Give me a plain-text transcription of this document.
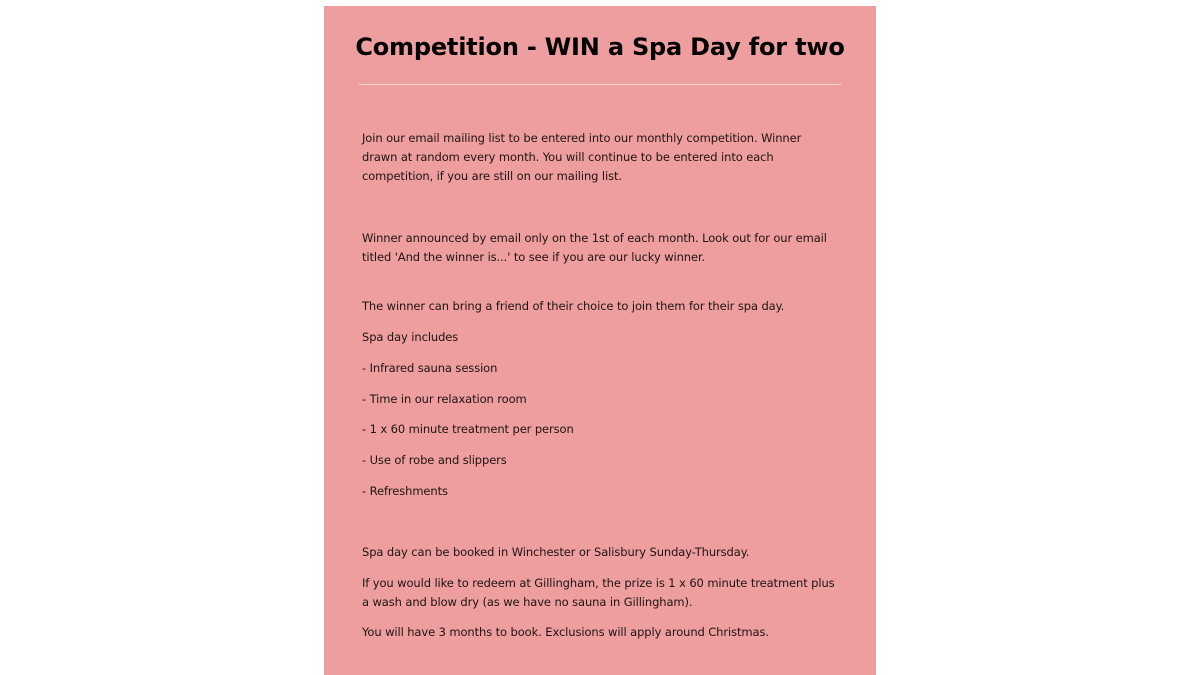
Competition - WIN a Spa Day for two

Join our email mailing list to be entered into our monthly competition. Winner drawn at random every month. You will continue to be entered into each competition, if you are still on our mailing list.

Winner announced by email only on the 1st of each month. Look out for our email titled 'And the winner is...' to see if you are our lucky winner.

The winner can bring a friend of their choice to join them for their spa day.

Spa day includes

- Infrared sauna session

- Time in our relaxation room

- 1 x 60 minute treatment per person

- Use of robe and slippers

- Refreshments

Spa day can be booked in Winchester or Salisbury Sunday-Thursday.

If you would like to redeem at Gillingham, the prize is 1 x 60 minute treatment plus a wash and blow dry (as we have no sauna in Gillingham).

You will have 3 months to book. Exclusions will apply around Christmas.
